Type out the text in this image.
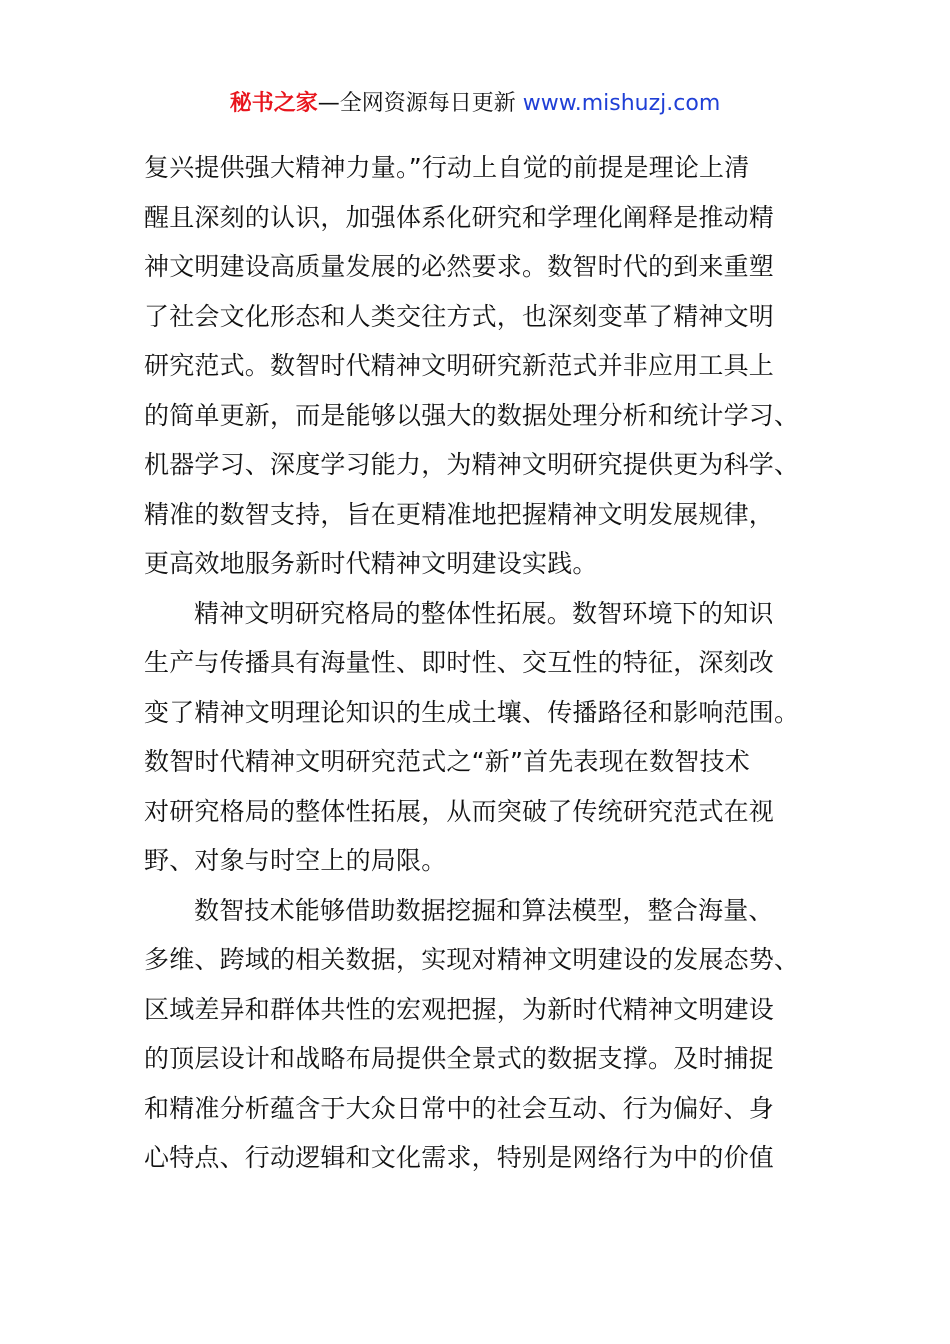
秘书之家—全网资源每日更新 www.mishuzj.com
复兴提供强大精神力量。”行动上自觉的前提是理论上清
醒且深刻的认识，加强体系化研究和学理化阐释是推动精
神文明建设高质量发展的必然要求。数智时代的到来重塑
了社会文化形态和人类交往方式，也深刻变革了精神文明
研究范式。数智时代精神文明研究新范式并非应用工具上
的简单更新，而是能够以强大的数据处理分析和统计学习、
机器学习、深度学习能力，为精神文明研究提供更为科学、
精准的数智支持，旨在更精准地把握精神文明发展规律，
更高效地服务新时代精神文明建设实践。
精神文明研究格局的整体性拓展。数智环境下的知识
生产与传播具有海量性、即时性、交互性的特征，深刻改
变了精神文明理论知识的生成土壤、传播路径和影响范围。
数智时代精神文明研究范式之“新”首先表现在数智技术
对研究格局的整体性拓展，从而突破了传统研究范式在视
野、对象与时空上的局限。
数智技术能够借助数据挖掘和算法模型，整合海量、
多维、跨域的相关数据，实现对精神文明建设的发展态势、
区域差异和群体共性的宏观把握，为新时代精神文明建设
的顶层设计和战略布局提供全景式的数据支撑。及时捕捉
和精准分析蕴含于大众日常中的社会互动、行为偏好、身
心特点、行动逻辑和文化需求，特别是网络行为中的价值
